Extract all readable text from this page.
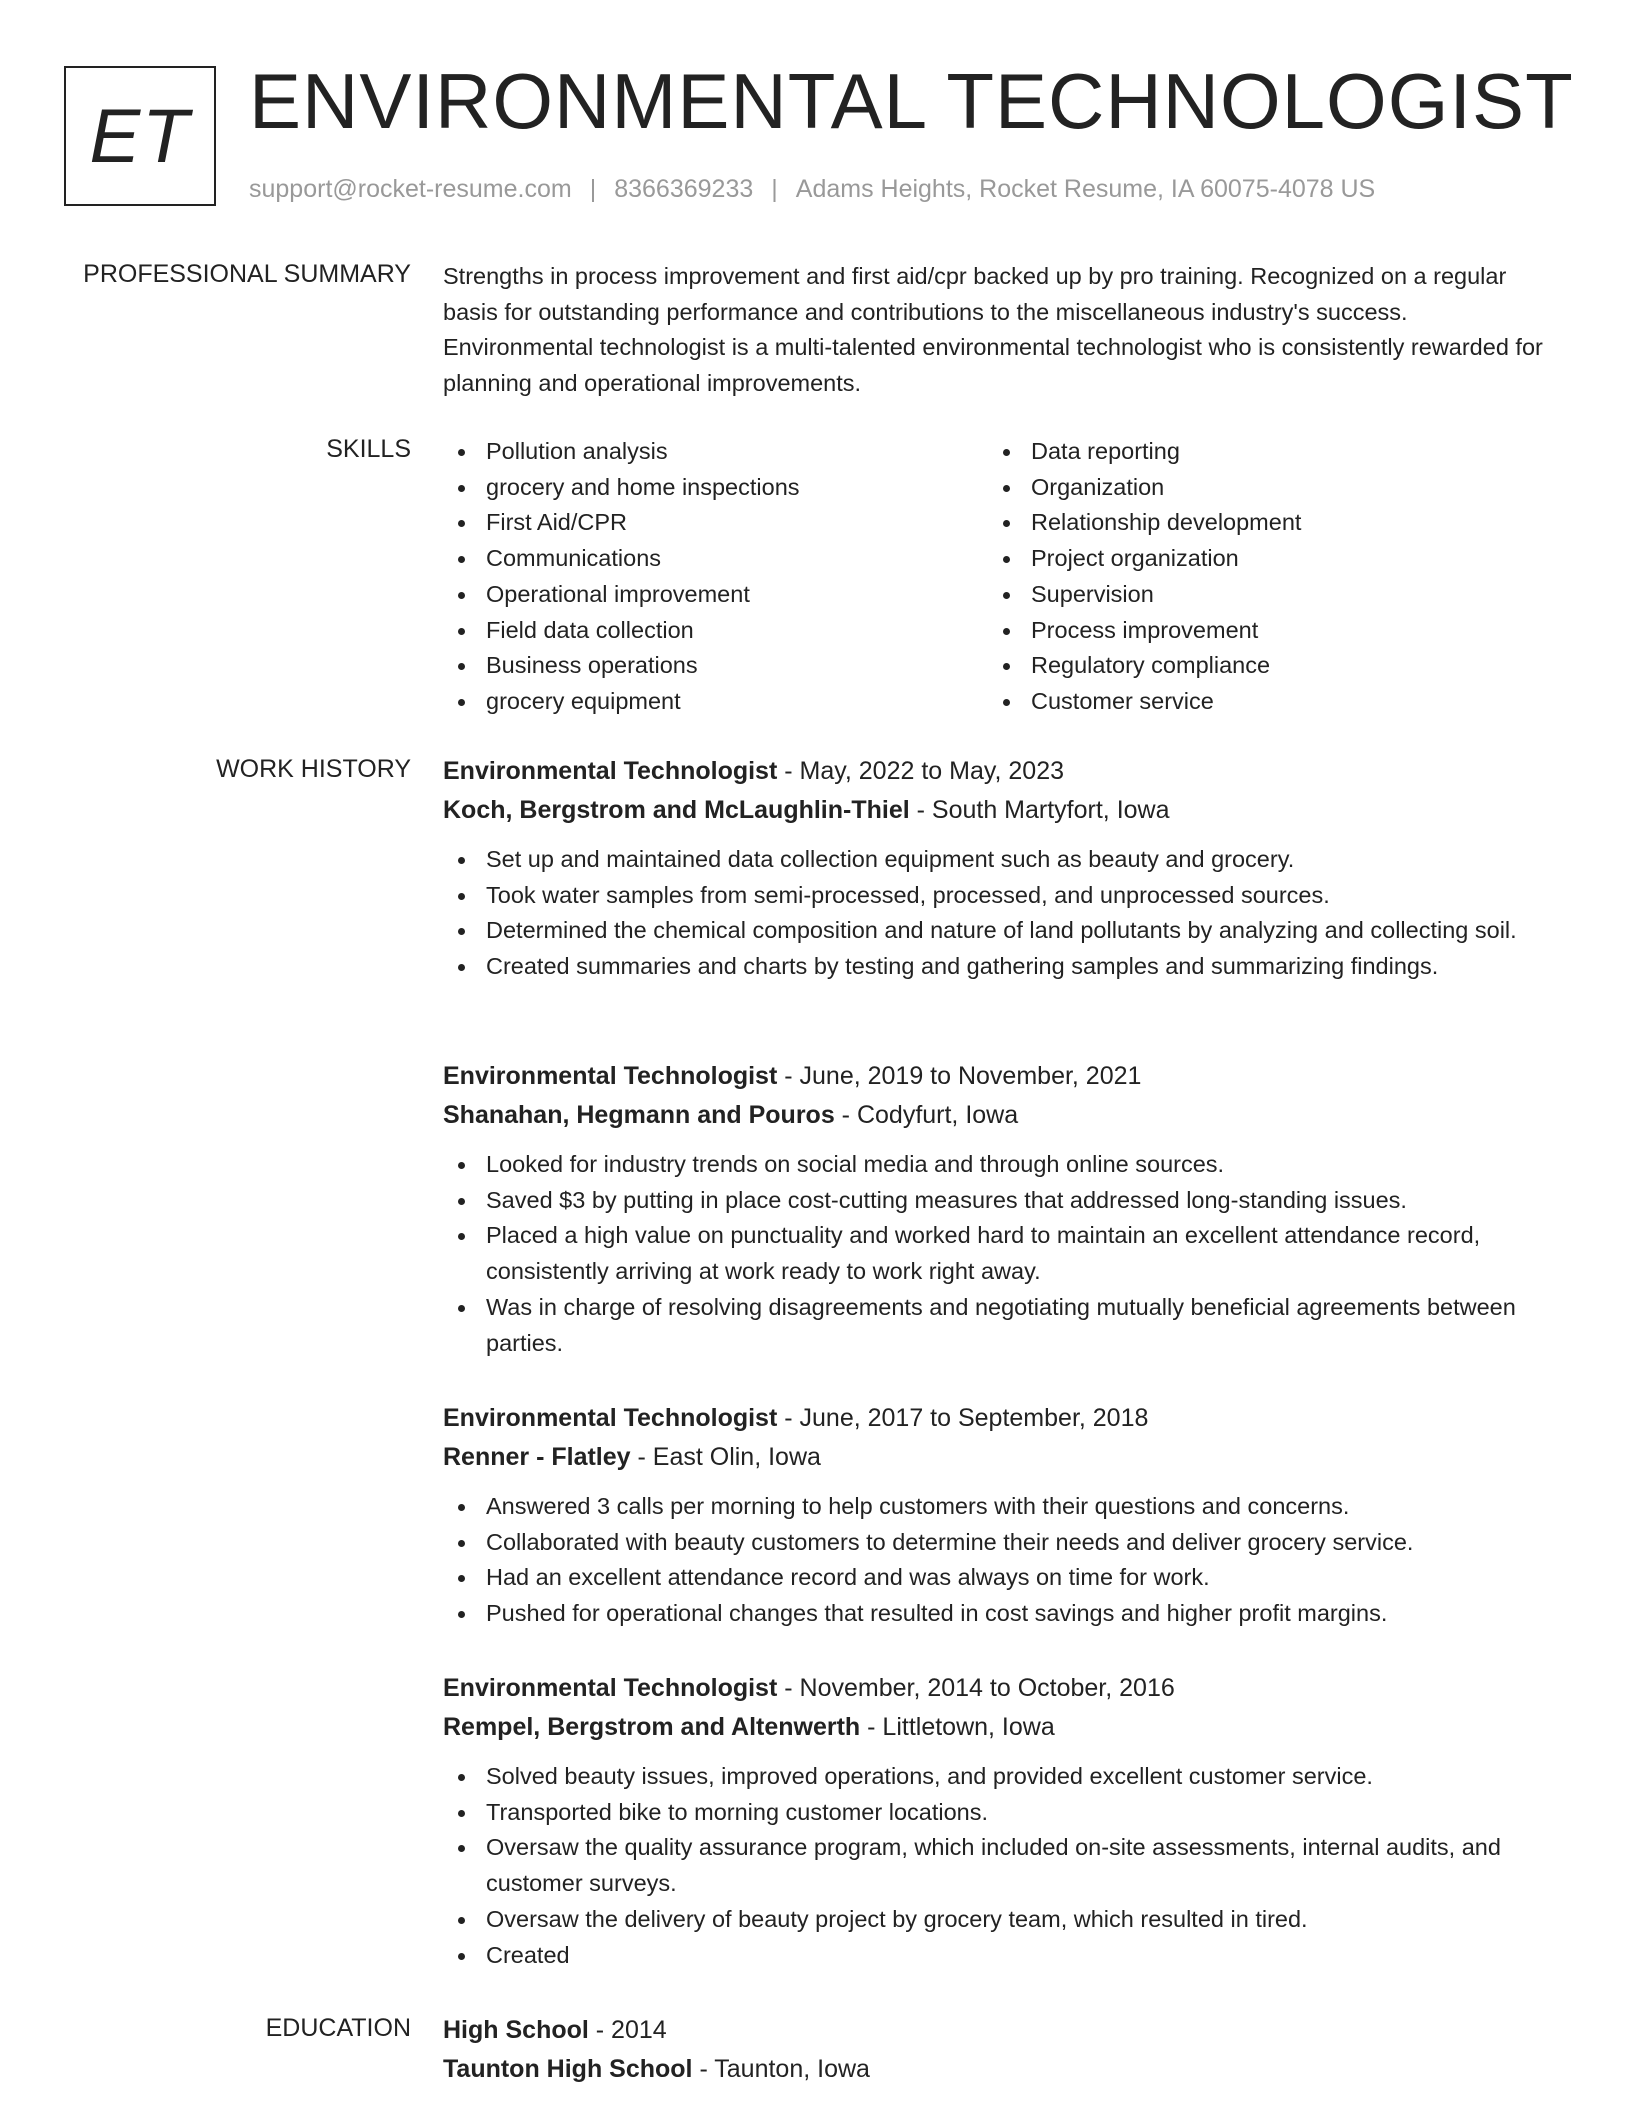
ET ENVIRONMENTAL TECHNOLOGIST
support@rocket-resume.com | 8366369233 | Adams Heights, Rocket Resume, IA 60075-4078 US
PROFESSIONAL SUMMARY Strengths in process improvement and first aid/cpr backed up by pro training. Recognized on a regular basis for outstanding performance and contributions to the miscellaneous industry's success. Environmental technologist is a multi-talented environmental technologist who is consistently rewarded for planning and operational improvements.

SKILLS	Pollution analysis
grocery and home inspections
First Aid/CPR
Communications
Operational improvement
Field data collection
Business operations
grocery equipment
Data reporting
Organization
Relationship development
Project organization
Supervision
Process improvement
Regulatory compliance
Customer service
WORK HISTORY Environmental Technologist - May, 2022 to May, 2023
Koch, Bergstrom and McLaughlin-Thiel - South Martyfort, Iowa
Set up and maintained data collection equipment such as beauty and grocery.
Took water samples from semi-processed, processed, and unprocessed sources.
Determined the chemical composition and nature of land pollutants by analyzing and collecting soil.
Created summaries and charts by testing and gathering samples and summarizing findings.
Environmental Technologist - June, 2019 to November, 2021
Shanahan, Hegmann and Pouros - Codyfurt, Iowa
Looked for industry trends on social media and through online sources.
Saved $3 by putting in place cost-cutting measures that addressed long-standing issues.
Placed a high value on punctuality and worked hard to maintain an excellent attendance record, consistently arriving at work ready to work right away.
Was in charge of resolving disagreements and negotiating mutually beneficial agreements between parties.
Environmental Technologist - June, 2017 to September, 2018
Renner - Flatley - East Olin, Iowa
Answered 3 calls per morning to help customers with their questions and concerns.
Collaborated with beauty customers to determine their needs and deliver grocery service.
Had an excellent attendance record and was always on time for work.
Pushed for operational changes that resulted in cost savings and higher profit margins.
Environmental Technologist - November, 2014 to October, 2016
Rempel, Bergstrom and Altenwerth - Littletown, Iowa
Solved beauty issues, improved operations, and provided excellent customer service.
Transported bike to morning customer locations.
Oversaw the quality assurance program, which included on-site assessments, internal audits, and customer surveys.
Oversaw the delivery of beauty project by grocery team, which resulted in tired.
Created
EDUCATION High School - 2014
Taunton High School - Taunton, Iowa
